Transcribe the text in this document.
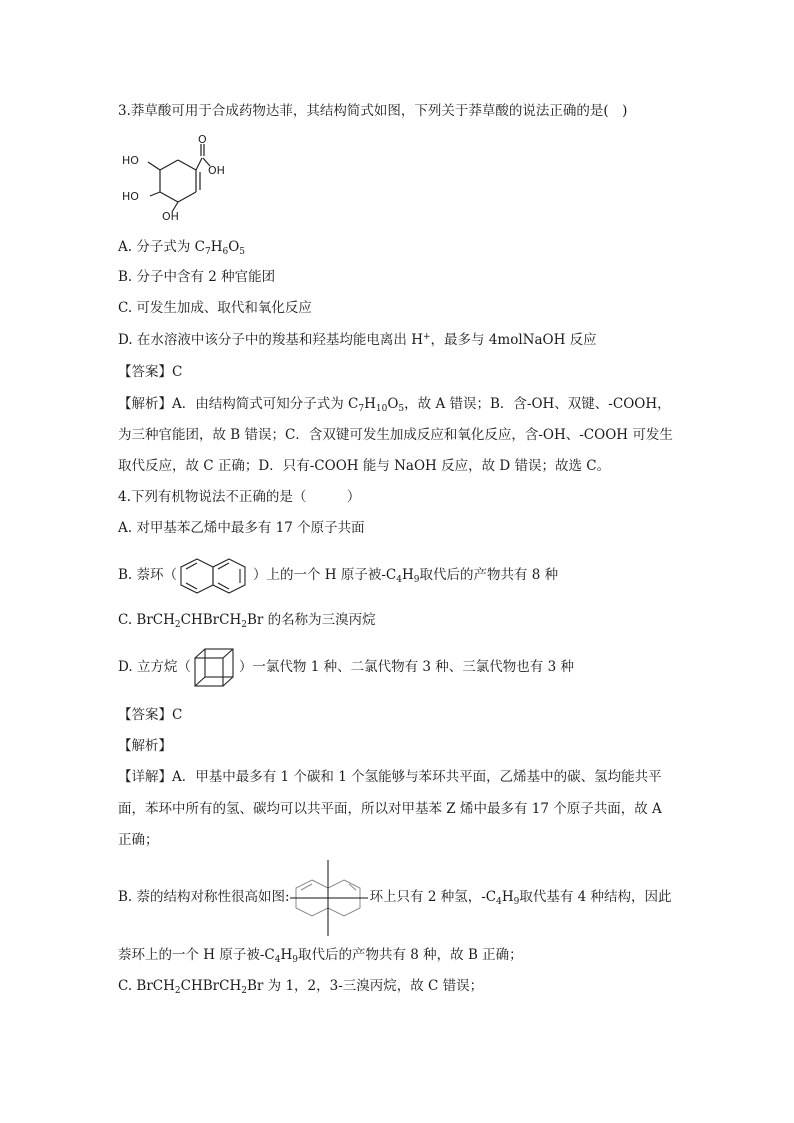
3.莽草酸可用于合成药物达菲，其结构简式如图，下列关于莽草酸的说法正确的是(　)
O
OH
HO
HO
OH
A. 分子式为 $C_7H_6O_5$
B. 分子中含有 2 种官能团
C. 可发生加成、取代和氧化反应
D. 在水溶液中该分子中的羧基和羟基均能电离出 H+，最多与 4molNaOH 反应
【答案】C
【解析】A．由结构简式可知分子式为 $C_7H_{10}O_5$，故 A 错误；B．含-OH、双键、-COOH，
为三种官能团，故 B 错误；C．含双键可发生加成反应和氧化反应，含-OH、-COOH 可发生
取代反应，故 C 正确；D．只有-COOH 能与 NaOH 反应，故 D 错误；故选 C。
4.下列有机物说法不正确的是（　　　）
A. 对甲基苯乙烯中最多有 17 个原子共面
B. 萘环（	）上的一个 H 原子被$-C_4H_9$取代后的产物共有 8 种
C. BrCH$_2$CHBrCH$_2$Br 的名称为三溴丙烷
D. 立方烷（	）一氯代物 1 种、二氯代物有 3 种、三氯代物也有 3 种
【答案】C
【解析】
【详解】A．甲基中最多有 1 个碳和 1 个氢能够与苯环共平面，乙烯基中的碳、氢均能共平
面，苯环中所有的氢、碳均可以共平面，所以对甲基苯 Z 烯中最多有 17 个原子共面，故 A
正确；
B. 萘的结构对称性很高如图:	环上只有 2 种氢，$-C_4H_9$取代基有 4 种结构，因此
萘环上的一个 H 原子被$-C_4H_9$取代后的产物共有 8 种，故 B 正确；
C. BrCH$_2$CHBrCH$_2$Br 为 1，2，3-三溴丙烷，故 C 错误；
